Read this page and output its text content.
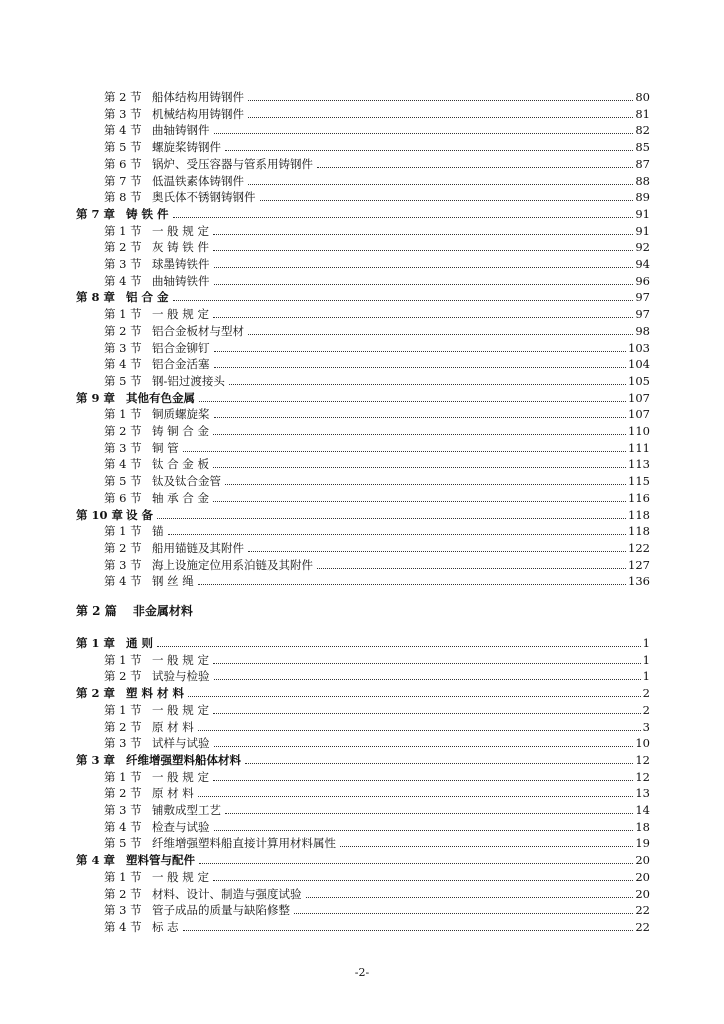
第 2 节 船体结构用铸钢件	80
第 3 节 机械结构用铸钢件	81
第 4 节 曲轴铸钢件	82
第 5 节 螺旋桨铸钢件	85
第 6 节 锅炉、受压容器与管系用铸钢件	87
第 7 节 低温铁素体铸钢件	88
第 8 节 奥氏体不锈钢铸钢件	89
第 7 章 铸 铁 件	91
第 1 节 一 般 规 定	91
第 2 节 灰 铸 铁 件	92
第 3 节 球墨铸铁件	94
第 4 节 曲轴铸铁件	96
第 8 章 铝 合 金	97
第 1 节 一 般 规 定	97
第 2 节 铝合金板材与型材	98
第 3 节 铝合金铆钉	103
第 4 节 铝合金活塞	104
第 5 节 钢-铝过渡接头	105
第 9 章 其他有色金属	107
第 1 节 铜质螺旋桨	107
第 2 节 铸 铜 合 金	110
第 3 节 铜 管	111
第 4 节 钛 合 金 板	113
第 5 节 钛及钛合金管	115
第 6 节 轴 承 合 金	116
第 10 章 设 备	118
第 1 节 锚	118
第 2 节 船用锚链及其附件	122
第 3 节 海上设施定位用系泊链及其附件	127
第 4 节 钢 丝 绳	136
第 2 篇 非金属材料
第 1 章 通 则	1
第 1 节 一 般 规 定	1
第 2 节 试验与检验	1
第 2 章 塑 料 材 料	2
第 1 节 一 般 规 定	2
第 2 节 原 材 料	3
第 3 节 试样与试验	10
第 3 章 纤维增强塑料船体材料	12
第 1 节 一 般 规 定	12
第 2 节 原 材 料	13
第 3 节 铺敷成型工艺	14
第 4 节 检查与试验	18
第 5 节 纤维增强塑料船直接计算用材料属性	19
第 4 章 塑料管与配件	20
第 1 节 一 般 规 定	20
第 2 节 材料、设计、制造与强度试验	20
第 3 节 管子成品的质量与缺陷修整	22
第 4 节 标 志	22
-2-
